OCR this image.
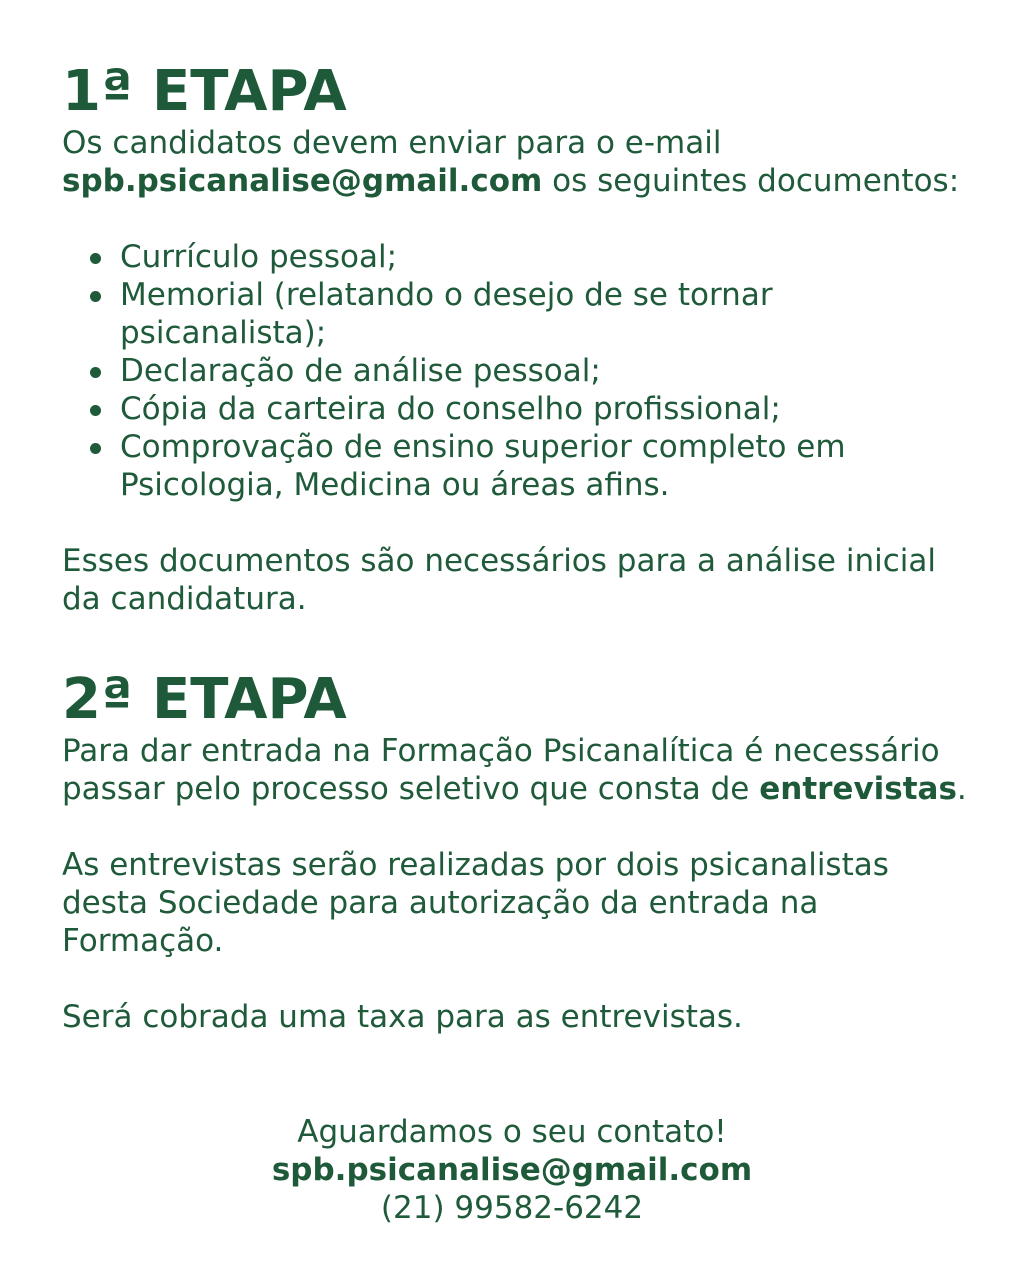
1ª ETAPA

Os candidatos devem enviar para o e-mail
spb.psicanalise@gmail.com os seguintes documentos:

Currículo pessoal;
Memorial (relatando o desejo de se tornar psicanalista);
Declaração de análise pessoal;
Cópia da carteira do conselho profissional;
Comprovação de ensino superior completo em Psicologia, Medicina ou áreas afins.

Esses documentos são necessários para a análise inicial da candidatura.

2ª ETAPA

Para dar entrada na Formação Psicanalítica é necessário passar pelo processo seletivo que consta de entrevistas.

As entrevistas serão realizadas por dois psicanalistas desta Sociedade para autorização da entrada na Formação.

Será cobrada uma taxa para as entrevistas.

Aguardamos o seu contato!

spb.psicanalise@gmail.com

(21) 99582-6242
